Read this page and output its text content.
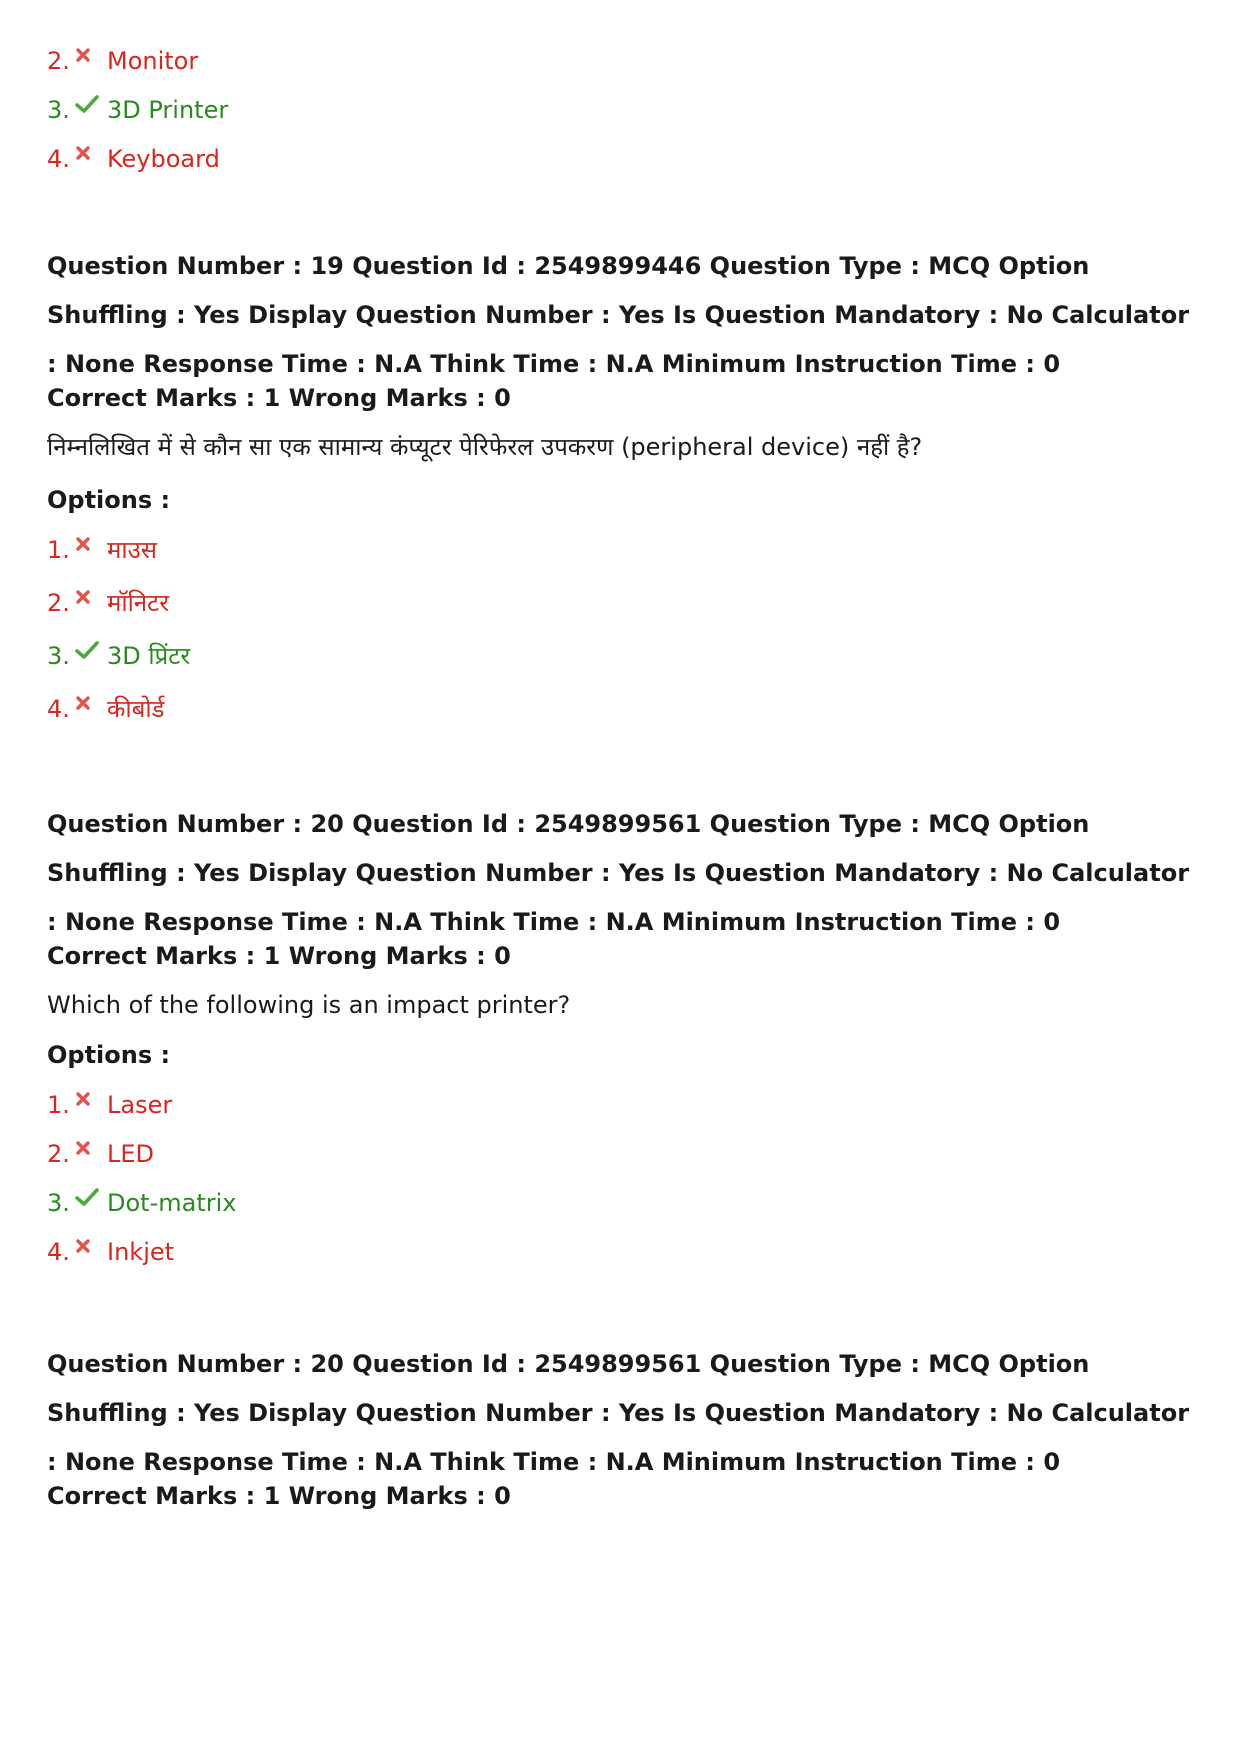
2. Monitor
3. 3D Printer
4. Keyboard
Question Number : 19 Question Id : 2549899446 Question Type : MCQ Option Shuffling : Yes Display Question Number : Yes Is Question Mandatory : No Calculator : None Response Time : N.A Think Time : N.A Minimum Instruction Time : 0
Correct Marks : 1 Wrong Marks : 0
निम्नलिखित में से कौन सा एक सामान्य कंप्यूटर पेरिफेरल उपकरण (peripheral device) नहीं है?
Options :
1. माउस
2. मॉनिटर
3. 3D प्रिंटर
4. कीबोर्ड
Question Number : 20 Question Id : 2549899561 Question Type : MCQ Option Shuffling : Yes Display Question Number : Yes Is Question Mandatory : No Calculator : None Response Time : N.A Think Time : N.A Minimum Instruction Time : 0
Correct Marks : 1 Wrong Marks : 0
Which of the following is an impact printer?
Options :
1. Laser
2. LED
3. Dot-matrix
4. Inkjet
Question Number : 20 Question Id : 2549899561 Question Type : MCQ Option Shuffling : Yes Display Question Number : Yes Is Question Mandatory : No Calculator : None Response Time : N.A Think Time : N.A Minimum Instruction Time : 0
Correct Marks : 1 Wrong Marks : 0
